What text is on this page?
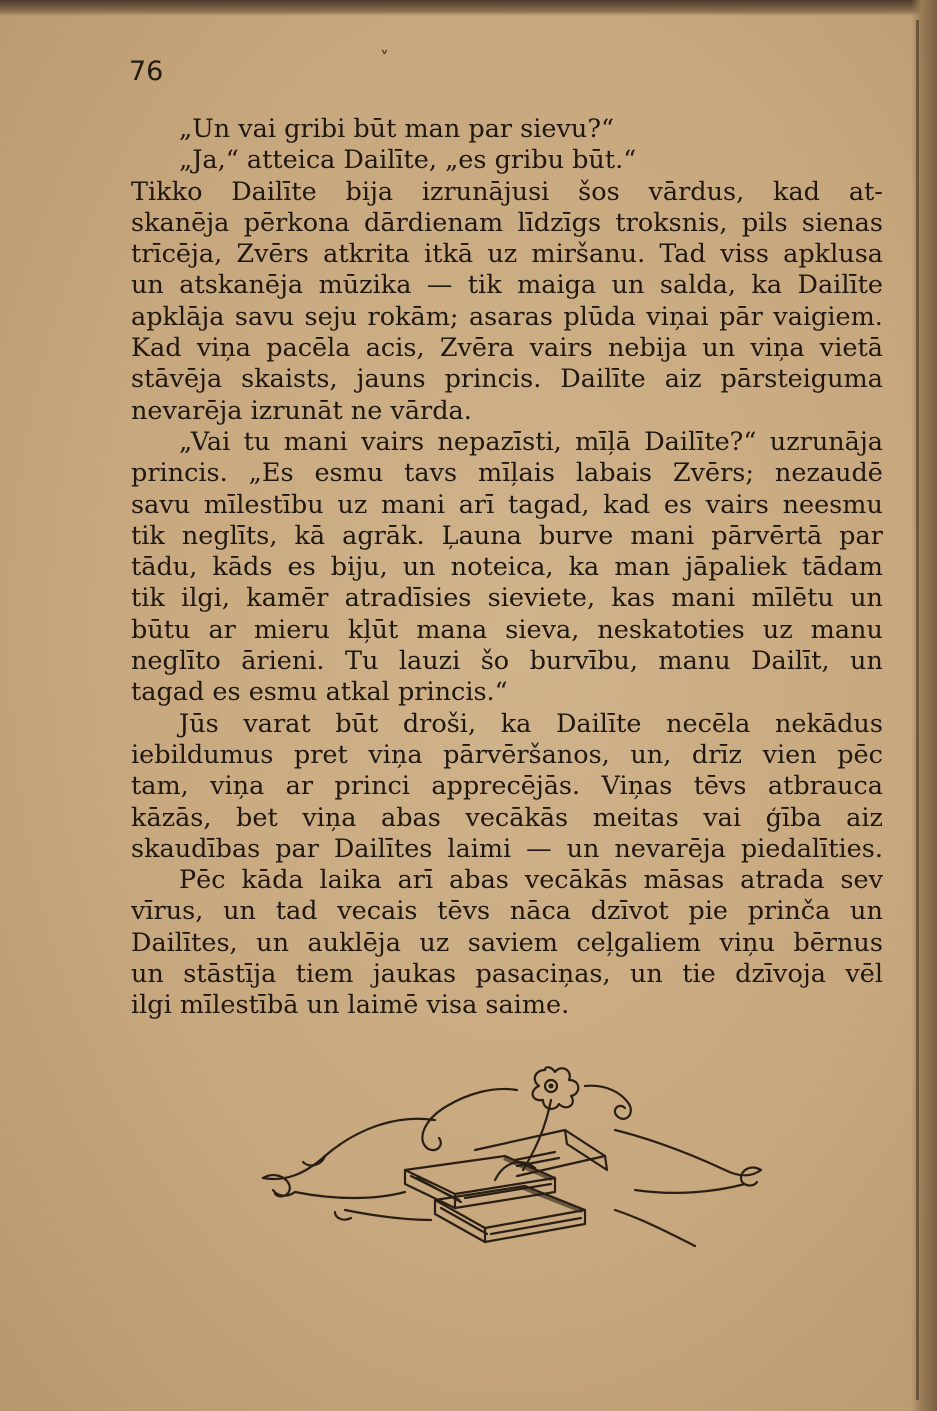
76	˅
„Un vai gribi būt man par sievu?“
„Ja,“ atteica Dailīte, „es gribu būt.“
Tikko Dailīte bija izrunājusi šos vārdus, kad at-
skanēja pērkona dārdienam līdzīgs troksnis, pils sienas
trīcēja, Zvērs atkrita itkā uz miršanu. Tad viss apklusa
un atskanēja mūzika — tik maiga un salda, ka Dailīte
apklāja savu seju rokām; asaras plūda viņai pār vaigiem.
Kad viņa pacēla acis, Zvēra vairs nebija un viņa vietā
stāvēja skaists, jauns princis. Dailīte aiz pārsteiguma
nevarēja izrunāt ne vārda.
„Vai tu mani vairs nepazīsti, mīļā Dailīte?“ uzrunāja
princis. „Es esmu tavs mīļais labais Zvērs; nezaudē
savu mīlestību uz mani arī tagad, kad es vairs neesmu
tik neglīts, kā agrāk. Ļauna burve mani pārvērtā par
tādu, kāds es biju, un noteica, ka man jāpaliek tādam
tik ilgi, kamēr atradīsies sieviete, kas mani mīlētu un
būtu ar mieru kļūt mana sieva, neskatoties uz manu
neglīto ārieni. Tu lauzi šo burvību, manu Dailīt, un
tagad es esmu atkal princis.“
Jūs varat būt droši, ka Dailīte necēla nekādus
iebildumus pret viņa pārvēršanos, un, drīz vien pēc
tam, viņa ar princi apprecējās. Viņas tēvs atbrauca
kāzās, bet viņa abas vecākās meitas vai ģība aiz
skaudības par Dailītes laimi — un nevarēja piedalīties.
Pēc kāda laika arī abas vecākās māsas atrada sev
vīrus, un tad vecais tēvs nāca dzīvot pie prinča un
Dailītes, un auklēja uz saviem ceļgaliem viņu bērnus
un stāstīja tiem jaukas pasaciņas, un tie dzīvoja vēl
ilgi mīlestībā un laimē visa saime.
